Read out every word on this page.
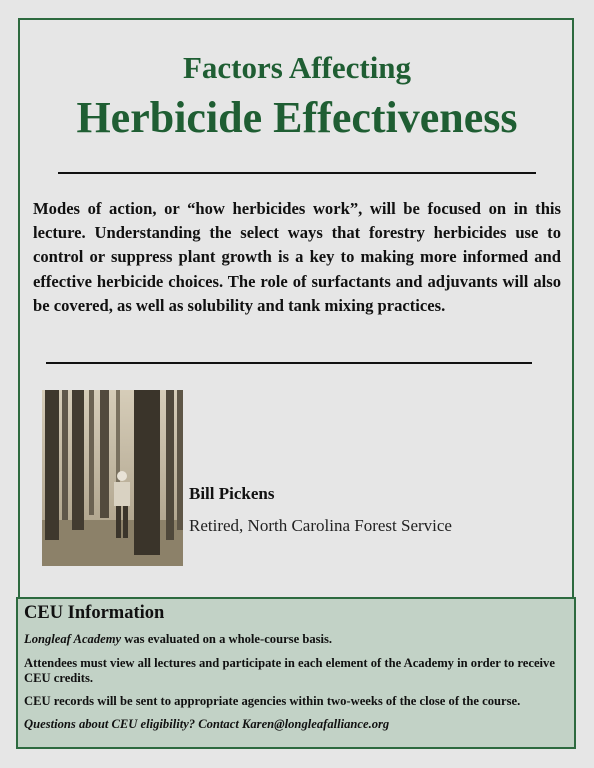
Factors Affecting
Herbicide Effectiveness

Modes of action, or “how herbicides work”, will be focused on in this lecture. Understanding the select ways that forestry herbicides use to control or suppress plant growth is a key to making more informed and effective herbicide choices. The role of surfactants and adjuvants will also be covered, as well as solubility and tank mixing practices.

Bill Pickens
Retired, North Carolina Forest Service
CEU Information

Longleaf Academy was evaluated on a whole-course basis.

Attendees must view all lectures and participate in each element of the Academy in order to receive CEU credits.

CEU records will be sent to appropriate agencies within two-weeks of the close of the course.

Questions about CEU eligibility? Contact Karen@longleafalliance.org
